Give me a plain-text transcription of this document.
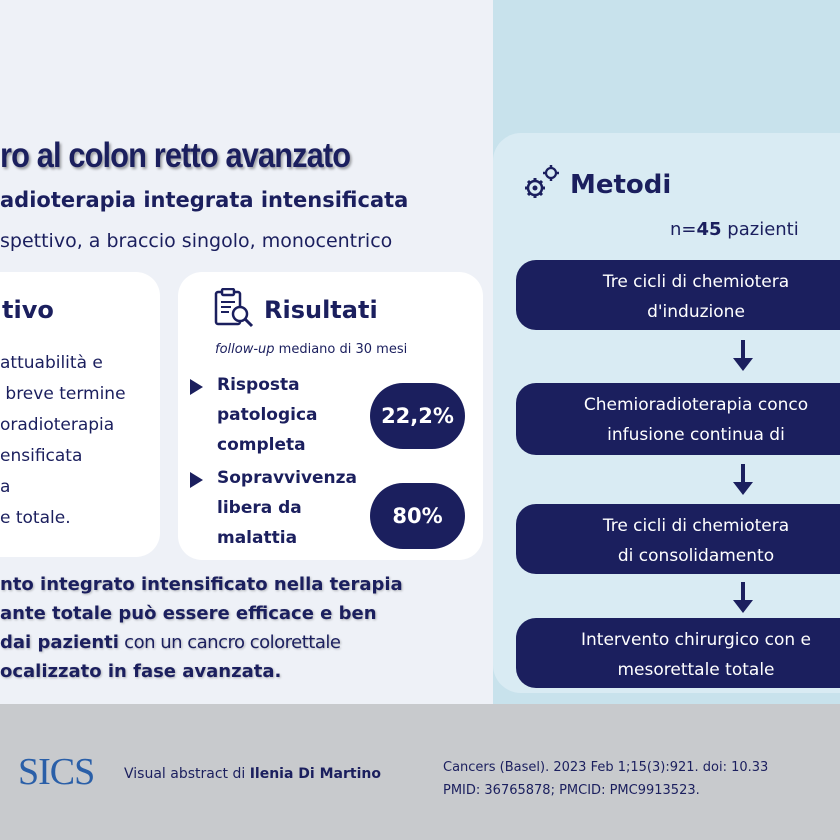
ro al colon retto avanzato
adioterapia integrata intensificata
spettivo, a braccio singolo, monocentrico
tivo
attuabilità e
breve termine
oradioterapia
ensificata
a
e totale.
Risultati
follow-up mediano di 30 mesi
Risposta
patologica
completa
22,2%
Sopravvivenza
libera da
malattia
80%
nto integrato intensificato nella terapia
ante totale può essere efficace e ben
dai pazienti con un cancro colorettale
ocalizzato in fase avanzata.
Metodi
n=45 pazienti
Tre cicli di chemiotera
d'induzione
Chemioradioterapia conco
infusione continua di
Tre cicli di chemiotera
di consolidamento
Intervento chirurgico con e
mesorettale totale
SICS Visual abstract di Ilenia Di Martino	Cancers (Basel). 2023 Feb 1;15(3):921. doi: 10.33
PMID: 36765878; PMCID: PMC9913523.
